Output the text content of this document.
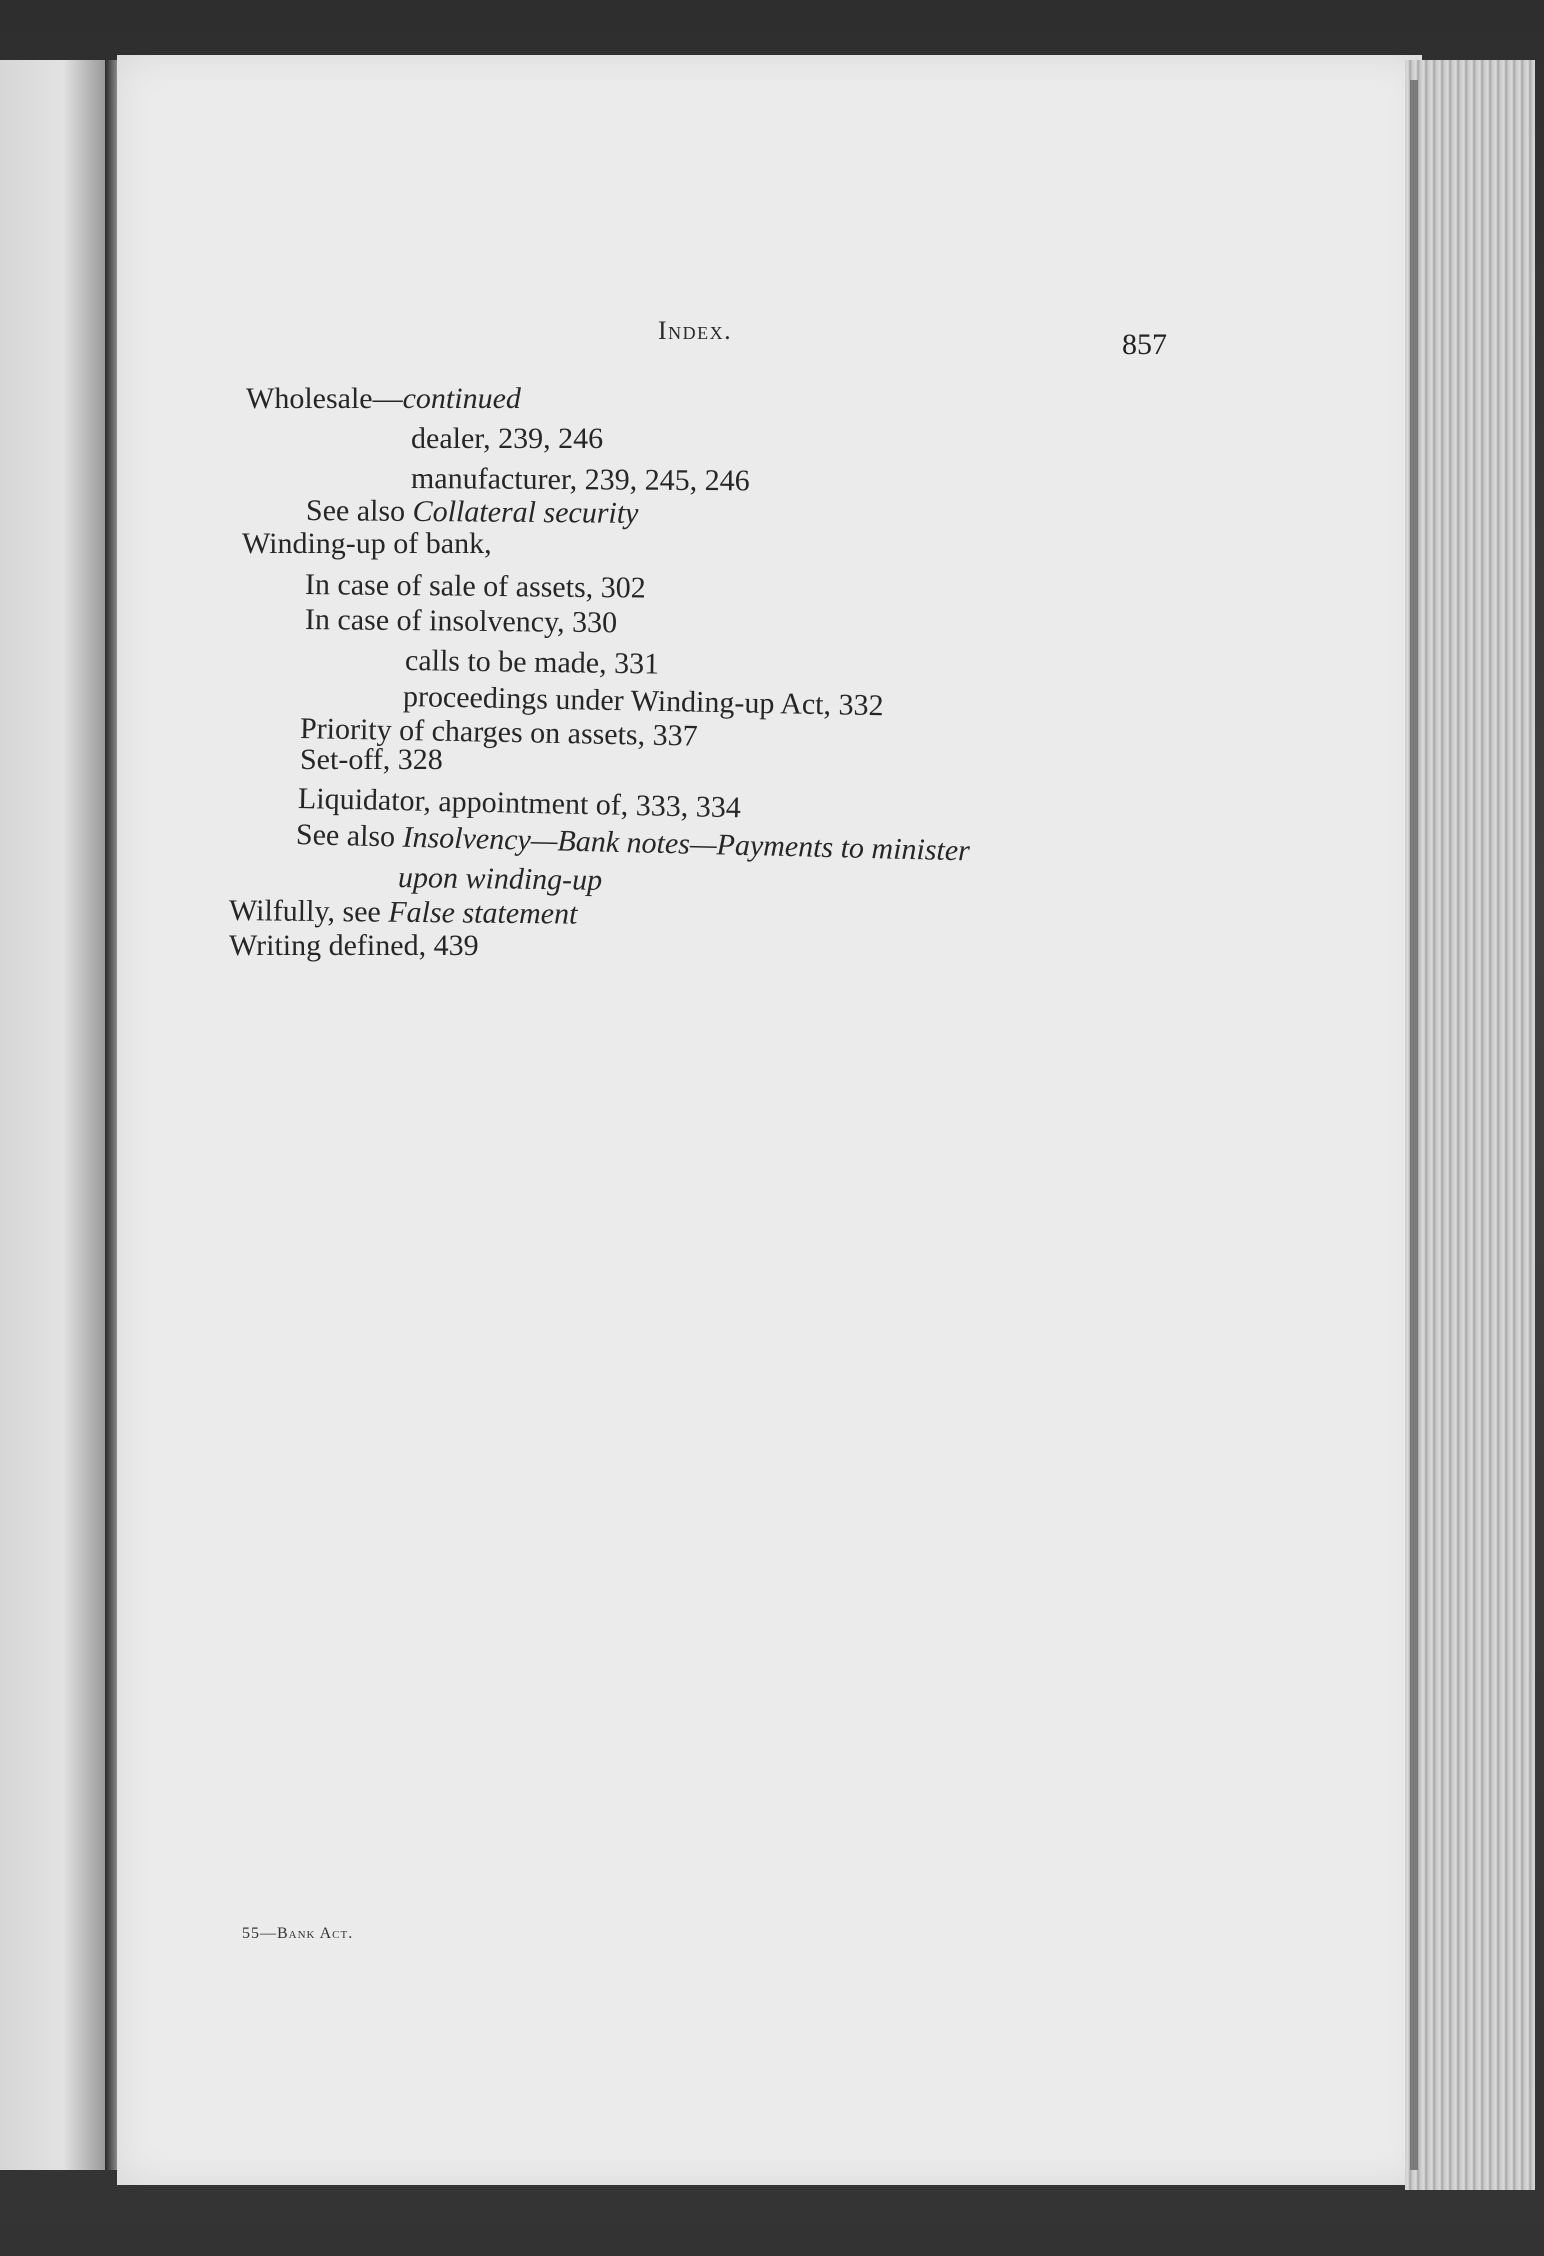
Index.	857
Wholesale—continued
dealer, 239, 246
manufacturer, 239, 245, 246
See also Collateral security
Winding-up of bank,
In case of sale of assets, 302
In case of insolvency, 330
calls to be made, 331
proceedings under Winding-up Act, 332
Priority of charges on assets, 337
Set-off, 328
Liquidator, appointment of, 333, 334
See also Insolvency—Bank notes—Payments to minister
upon winding-up
Wilfully, see False statement
Writing defined, 439
55—Bank Act.
